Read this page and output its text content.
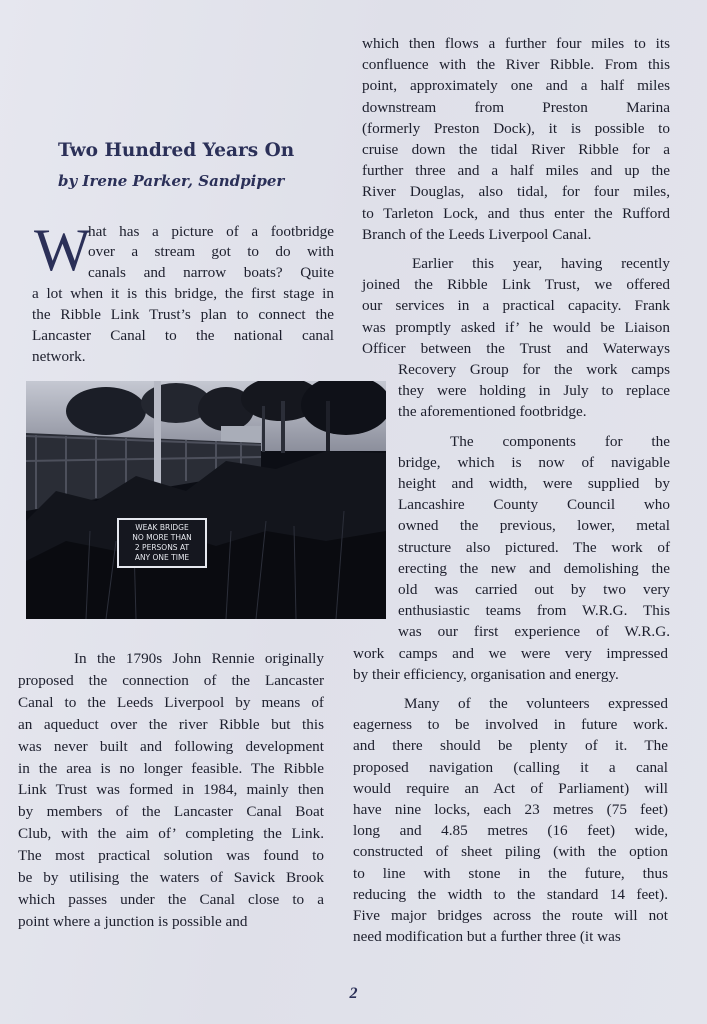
Two Hundred Years On
by Irene Parker, Sandpiper
W
hat has a picture of a footbridge
over a stream got to do with
canals and narrow boats? Quite
a lot when it is this bridge, the first stage in
the Ribble Link Trust’s plan to connect the
Lancaster Canal to the national canal
network.
WEAK BRIDGE
NO MORE THAN
2 PERSONS AT
ANY ONE TIME
In the 1790s John Rennie originally
proposed the connection of the Lancaster
Canal to the Leeds Liverpool by means of
an aqueduct over the river Ribble but this
was never built and following development
in the area is no longer feasible. The Ribble
Link Trust was formed in 1984, mainly then
by members of the Lancaster Canal Boat
Club, with the aim of’ completing the Link.
The most practical solution was found to
be by utilising the waters of Savick Brook
which passes under the Canal close to a
point where a junction is possible and
which then flows a further four miles to its
confluence with the River Ribble. From this
point, approximately one and a half miles
downstream from Preston Marina
(formerly Preston Dock), it is possible to
cruise down the tidal River Ribble for a
further three and a half miles and up the
River Douglas, also tidal, for four miles,
to Tarleton Lock, and thus enter the Rufford
Branch of the Leeds Liverpool Canal.
Earlier this year, having recently
joined the Ribble Link Trust, we offered
our services in a practical capacity. Frank
was promptly asked if’ he would be Liaison
Officer between the Trust and Waterways
Recovery Group for the work camps
they were holding in July to replace
the aforementioned footbridge.
The components for the
bridge, which is now of navigable
height and width, were supplied by
Lancashire County Council who
owned the previous, lower, metal
structure also pictured. The work of
erecting the new and demolishing the
old was carried out by two very
enthusiastic teams from W.R.G. This
was our first experience of W.R.G.
work camps and we were very impressed
by their efficiency, organisation and energy.
Many of the volunteers expressed
eagerness to be involved in future work.
and there should be plenty of it. The
proposed navigation (calling it a canal
would require an Act of Parliament) will
have nine locks, each 23 metres (75 feet)
long and 4.85 metres (16 feet) wide,
constructed of sheet piling (with the option
to line with stone in the future, thus
reducing the width to the standard 14 feet).
Five major bridges across the route will not
need modification but a further three (it was
2
